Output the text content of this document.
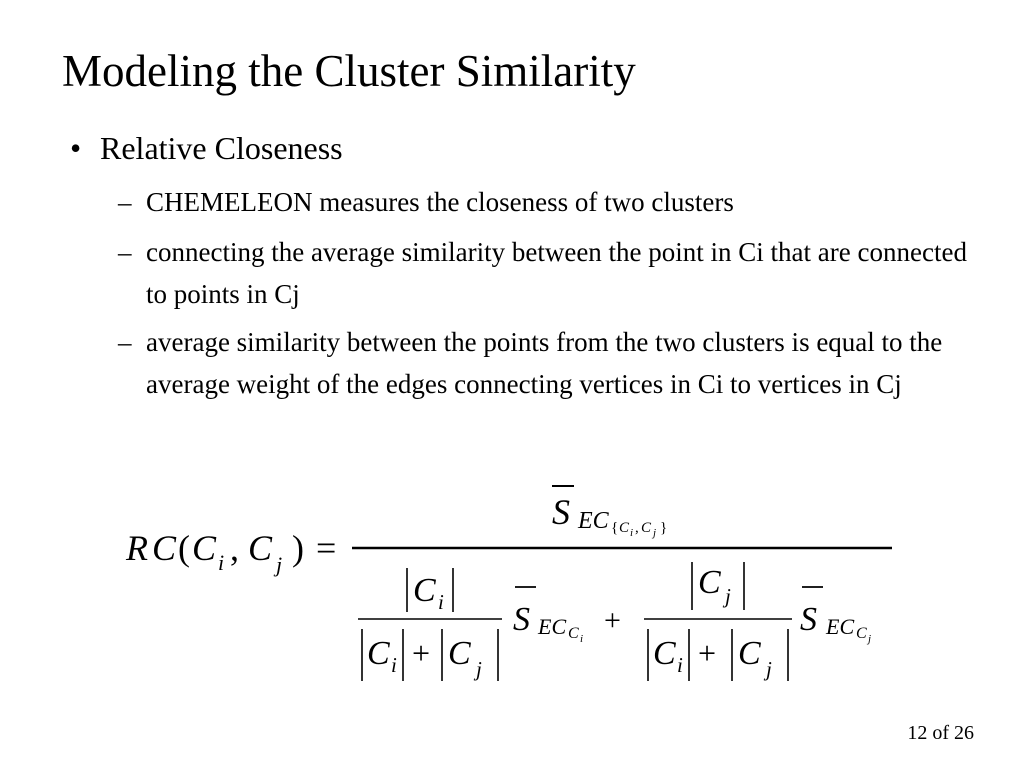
Modeling the Cluster Similarity
• Relative Closeness
– CHEMELEON measures the closeness of two clusters
– connecting the average similarity between the point in Ci that are connected to points in Cj
– average similarity between the points from the two clusters is equal to the average weight of the edges connecting vertices in Ci to vertices in Cj
R C ( C i , C j ) =
S EC { C i , C j }
C i
C i + C j
S EC C i
+
C j
C i + C j
S EC C j
12 of 26
